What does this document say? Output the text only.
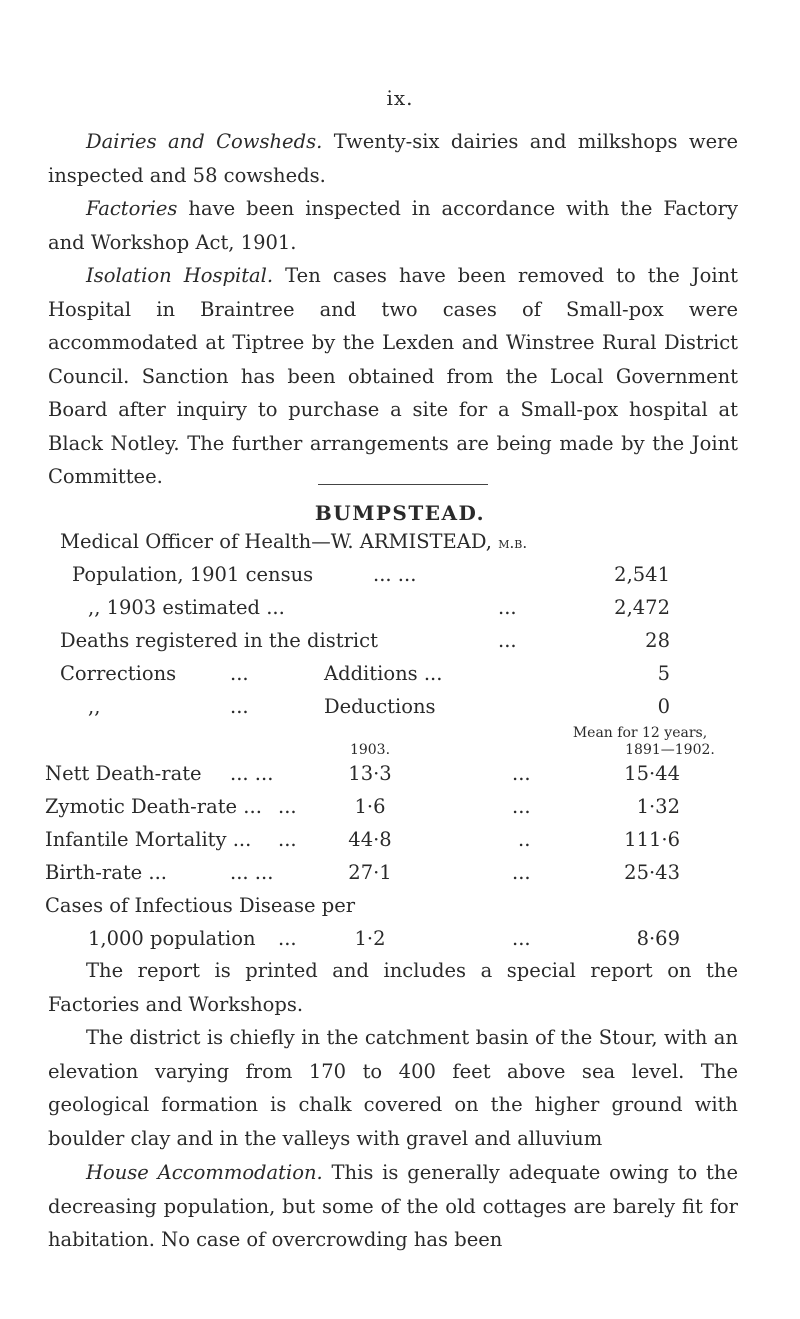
ix.

Dairies and Cowsheds. Twenty-six dairies and milkshops were inspected and 58 cowsheds.

Factories have been inspected in accordance with the Factory and Workshop Act, 1901.

Isolation Hospital. Ten cases have been removed to the Joint Hospital in Braintree and two cases of Small-pox were accommodated at Tiptree by the Lexden and Winstree Rural District Council. Sanction has been obtained from the Local Government Board after inquiry to purchase a site for a Small-pox hospital at Black Notley. The further arrangements are being made by the Joint Committee.

BUMPSTEAD.
Medical Officer of Health—W. ARMISTEAD, m.b.
Population, 1901 census	... ...	2,541
,, 1903 estimated ...	...	2,472
Deaths registered in the district	...	28
Corrections	...	Additions ...	5
,,	...	Deductions	0
Mean for 12 years,
1903.	1891—1902.
Nett Death-rate ... ...	13·3	...	15·44
Zymotic Death-rate ... ...	1·6	...	1·32
Infantile Mortality ... ...	44·8	..	111·6
Birth-rate ...	... ...	27·1	...	25·43
Cases of Infectious Disease per
1,000 population ...	1·2	...	8·69

The report is printed and includes a special report on the Factories and Workshops.

The district is chiefly in the catchment basin of the Stour, with an elevation varying from 170 to 400 feet above sea level. The geological formation is chalk covered on the higher ground with boulder clay and in the valleys with gravel and alluvium

House Accommodation. This is generally adequate owing to the decreasing population, but some of the old cottages are barely fit for habitation. No case of overcrowding has been
